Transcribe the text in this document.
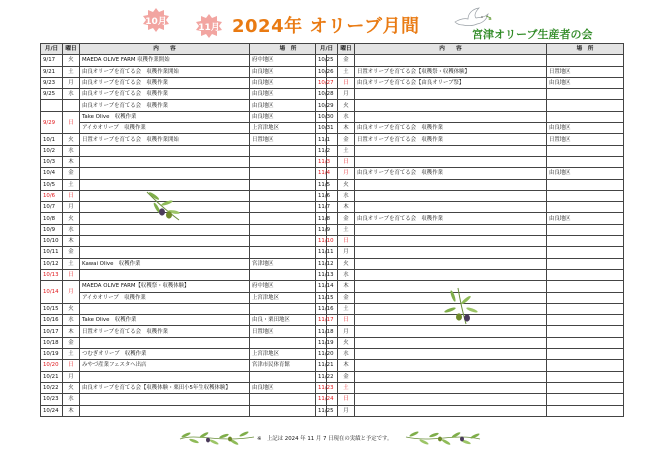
10月
11月 2024年 オリーブ月間	宮津オリーブ生産者の会
月/日	曜日	内　　容	場　所
9/17	火	MAEDA OLIVE FARM 収穫作業開始	府中地区
9/21	土	由良オリーブを育てる会　収穫作業開始	由良地区
9/23	月	由良オリーブを育てる会　収穫作業	由良地区
9/25	水	由良オリーブを育てる会　収穫作業	由良地区
		由良オリーブを育てる会　収穫作業	由良地区
9/29	日	Take Olive　収穫作業	由良地区
		アイカオリーブ　収穫作業	上宮津地区
10/1	火	日置オリーブを育てる会　収穫作業開始	日置地区
10/2	水		
10/3	木		
10/4	金		
10/5	土		
10/6	日		
10/7	月		
10/8	火		
10/9	水		
10/10	木		
10/11	金		
10/12	土	Kawai Olive　収穫作業	宮津地区
10/13	日		
10/14	月	MAEDA OLIVE FARM【収穫祭・収穫体験】	府中地区
		アイカオリーブ　収穫作業	上宮津地区
10/15	火		
10/16	水	Take Olive　収穫作業	由良・栗田地区
10/17	木	日置オリーブを育てる会　収穫作業	日置地区
10/18	金		
10/19	土	つむぎオリーブ　収穫作業	上宮津地区
10/20	日	みやづ産業フェスタへ出店	宮津市民体育館
10/21	月		
10/22	火	由良オリーブを育てる会【収穫体験・栗田小5年生収穫体験】	由良地区
10/23	水		
10/24	木		
月/日	曜日	内　　容	場　所
10/25	金		
10/26	土	日置オリーブを育てる会【収穫祭・収穫体験】	日置地区
10/27	日	由良オリーブを育てる会【由良オリーブ祭】	由良地区
10/28	月		
10/29	火		
10/30	水		
10/31	木	由良オリーブを育てる会　収穫作業	由良地区
11/1	金	日置オリーブを育てる会　収穫作業	日置地区
11/2	土		
11/3	日		
11/4	月	由良オリーブを育てる会　収穫作業	由良地区
11/5	火		
11/6	水		
11/7	木		
11/8	金	由良オリーブを育てる会　収穫作業	由良地区
11/9	土		
11/10	日		
11/11	月		
11/12	火		
11/13	水		
11/14	木		
11/15	金		
11/16	土		
11/17	日		
11/18	月		
11/19	火		
11/20	水		
11/21	木		
11/22	金		
11/23	土		
11/24	日		
11/25	月		
※　上記は 2024 年 11 月 7 日現在の実績と予定です。
